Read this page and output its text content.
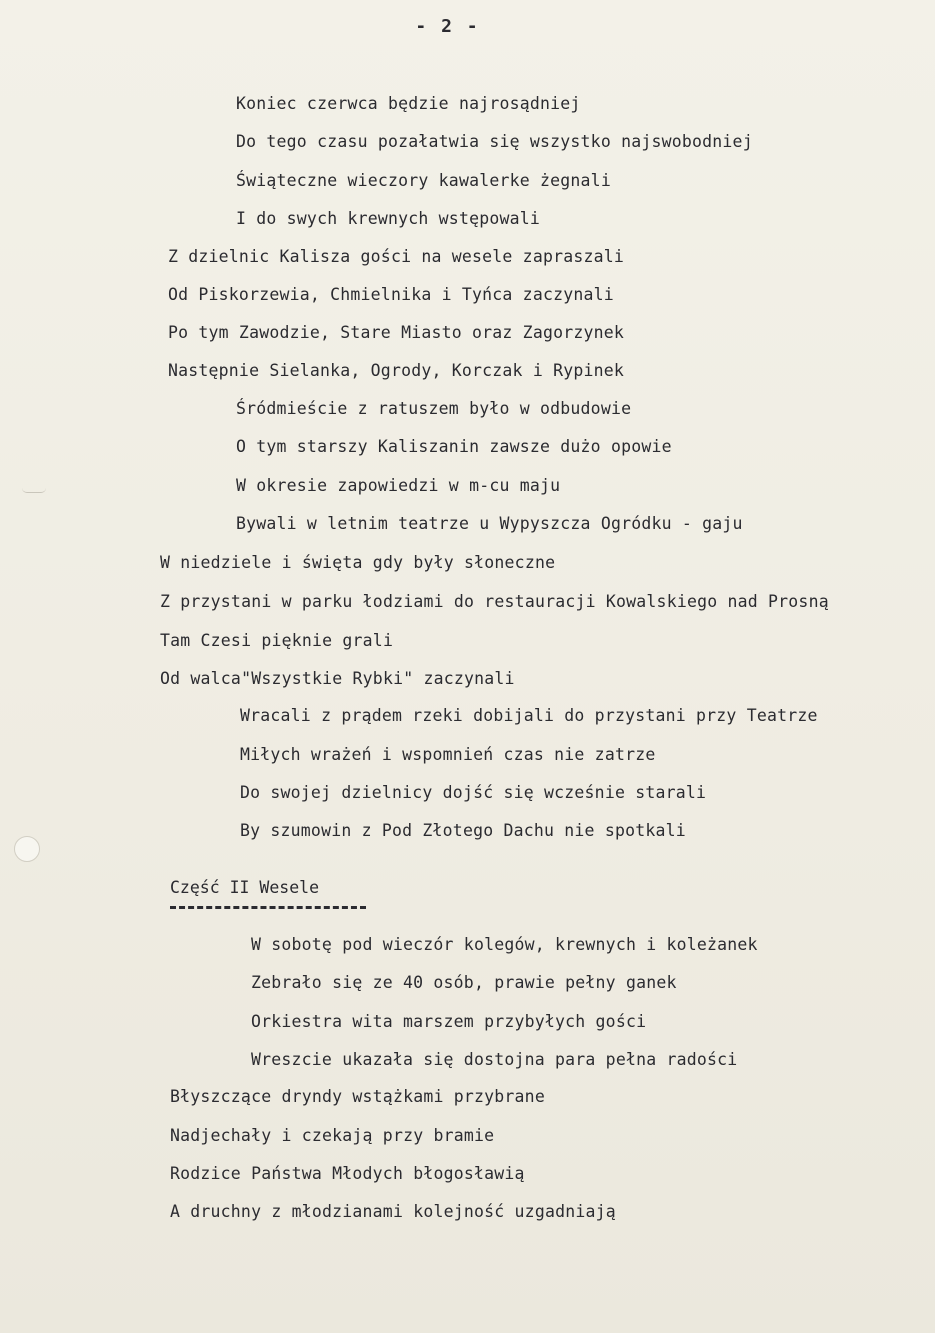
- 2 -
Koniec czerwca będzie najrosądniej
Do tego czasu pozałatwia się wszystko najswobodniej
Świąteczne wieczory kawalerke żegnali
I do swych krewnych wstępowali
Z dzielnic Kalisza gości na wesele zapraszali
Od Piskorzewia, Chmielnika i Tyńca zaczynali
Po tym Zawodzie, Stare Miasto oraz Zagorzynek
Następnie Sielanka, Ogrody, Korczak i Rypinek
Śródmieście z ratuszem było w odbudowie
O tym starszy Kaliszanin zawsze dużo opowie
W okresie zapowiedzi w m-cu maju
Bywali w letnim teatrze u Wypyszcza Ogródku - gaju
W niedziele i święta gdy były słoneczne
Z przystani w parku łodziami do restauracji Kowalskiego nad Prosną
Tam Czesi pięknie grali
Od walca"Wszystkie Rybki" zaczynali
Wracali z prądem rzeki dobijali do przystani przy Teatrze
Miłych wrażeń i wspomnień czas nie zatrze
Do swojej dzielnicy dojść się wcześnie starali
By szumowin z Pod Złotego Dachu nie spotkali
Część II Wesele
W sobotę pod wieczór kolegów, krewnych i koleżanek
Zebrało się ze 40 osób, prawie pełny ganek
Orkiestra wita marszem przybyłych gości
Wreszcie ukazała się dostojna para pełna radości
Błyszczące dryndy wstążkami przybrane
Nadjechały i czekają przy bramie
Rodzice Państwa Młodych błogosławią
A druchny z młodzianami kolejność uzgadniają
